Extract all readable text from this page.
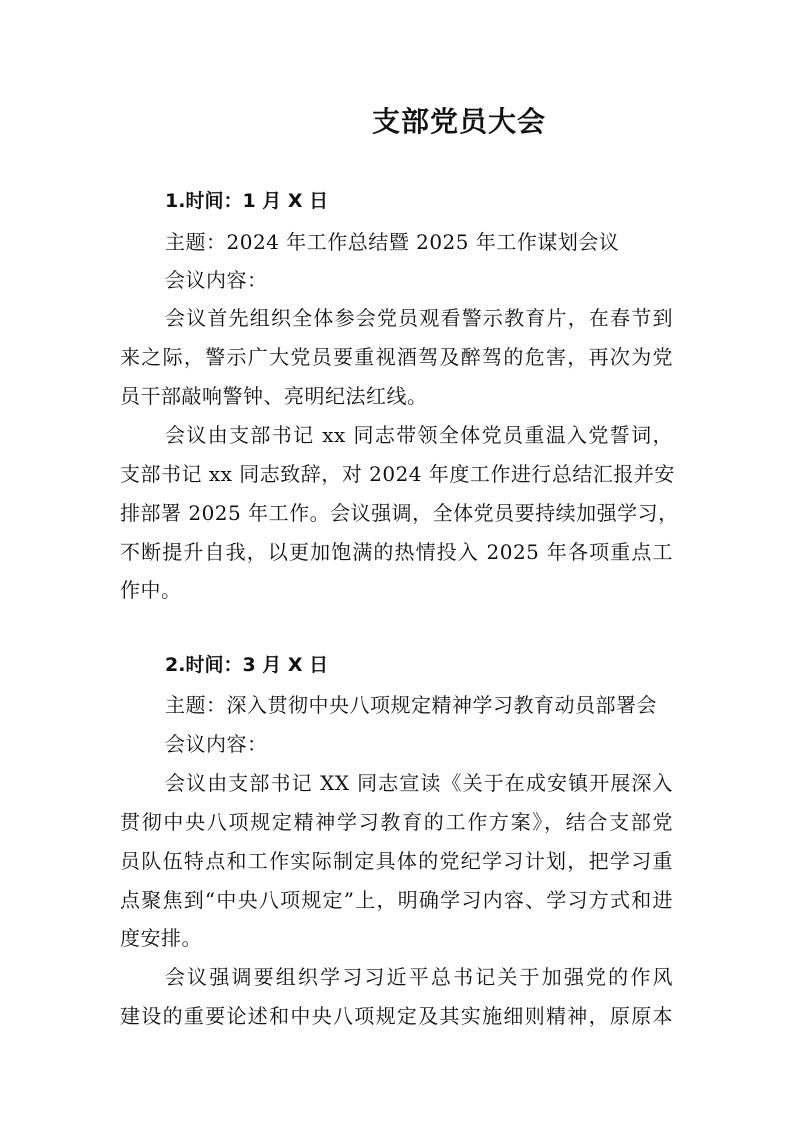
支部党员大会
1.时间：1 月 X 日
主题：2024 年工作总结暨 2025 年工作谋划会议
会议内容：
会议首先组织全体参会党员观看警示教育片，在春节到
来之际，警示广大党员要重视酒驾及醉驾的危害，再次为党
员干部敲响警钟、亮明纪法红线。
会议由支部书记 xx 同志带领全体党员重温入党誓词，
支部书记 xx 同志致辞，对 2024 年度工作进行总结汇报并安
排部署 2025 年工作。会议强调，全体党员要持续加强学习，
不断提升自我，以更加饱满的热情投入 2025 年各项重点工
作中。
2.时间：3 月 X 日
主题：深入贯彻中央八项规定精神学习教育动员部署会
会议内容：
会议由支部书记 XX 同志宣读《关于在成安镇开展深入
贯彻中央八项规定精神学习教育的工作方案》，结合支部党
员队伍特点和工作实际制定具体的党纪学习计划，把学习重
点聚焦到“中央八项规定”上，明确学习内容、学习方式和进
度安排。
会议强调要组织学习习近平总书记关于加强党的作风
建设的重要论述和中央八项规定及其实施细则精神，原原本
